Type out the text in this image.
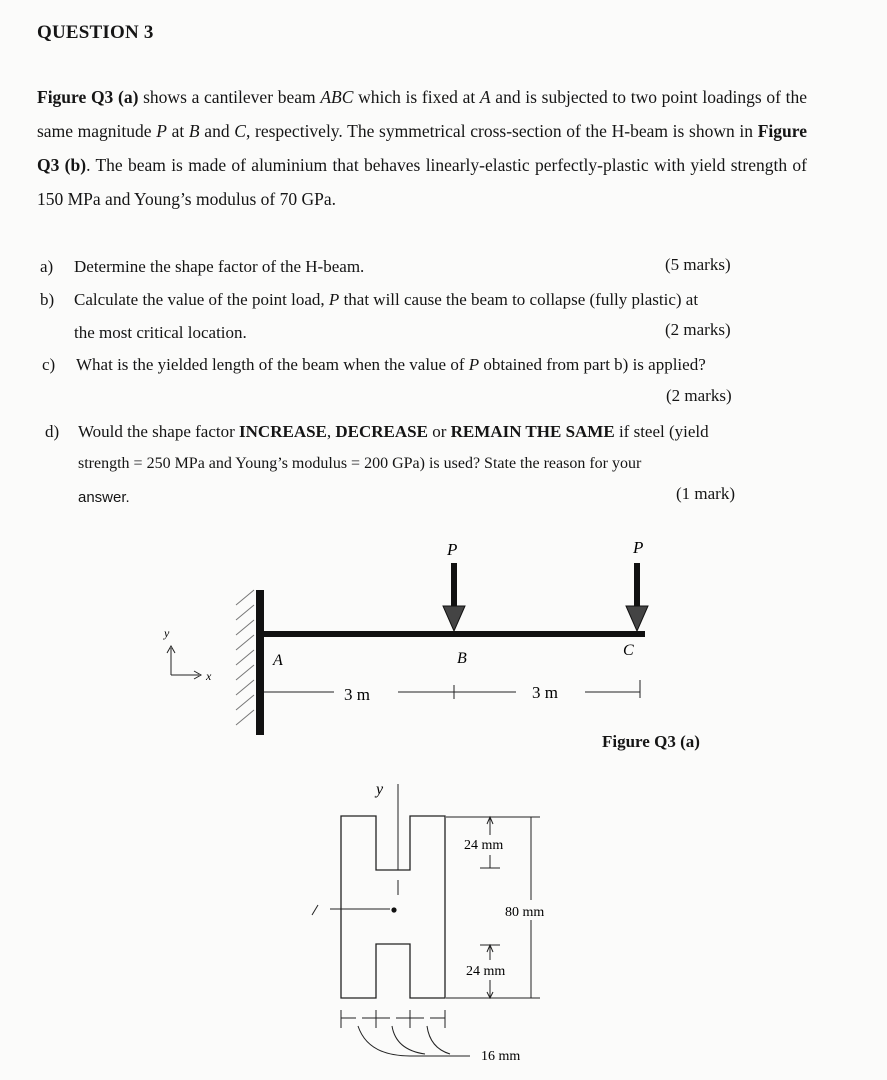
QUESTION 3
Figure Q3 (a) shows a cantilever beam ABC which is fixed at A and is subjected to two point loadings of the same magnitude P at B and C, respectively. The symmetrical cross-section of the H-beam is shown in Figure Q3 (b). The beam is made of aluminium that behaves linearly-elastic perfectly-plastic with yield strength of 150 MPa and Young’s modulus of 70 GPa.
a) Determine the shape factor of the H-beam.	(5 marks)
b) Calculate the value of the point load, P that will cause the beam to collapse (fully plastic) at
the most critical location.	(2 marks)
c) What is the yielded length of the beam when the value of P obtained from part b) is applied?
(2 marks)
d) Would the shape factor INCREASE, DECREASE or REMAIN THE SAME if steel (yield
strength = 250 MPa and Young’s modulus = 200 GPa) is used? State the reason for your
answer.	(1 mark)
P	P
A	B	C
3 m	3 m
y
x
Figure Q3 (a)
y
24 mm
80 mm
24 mm
16 mm
